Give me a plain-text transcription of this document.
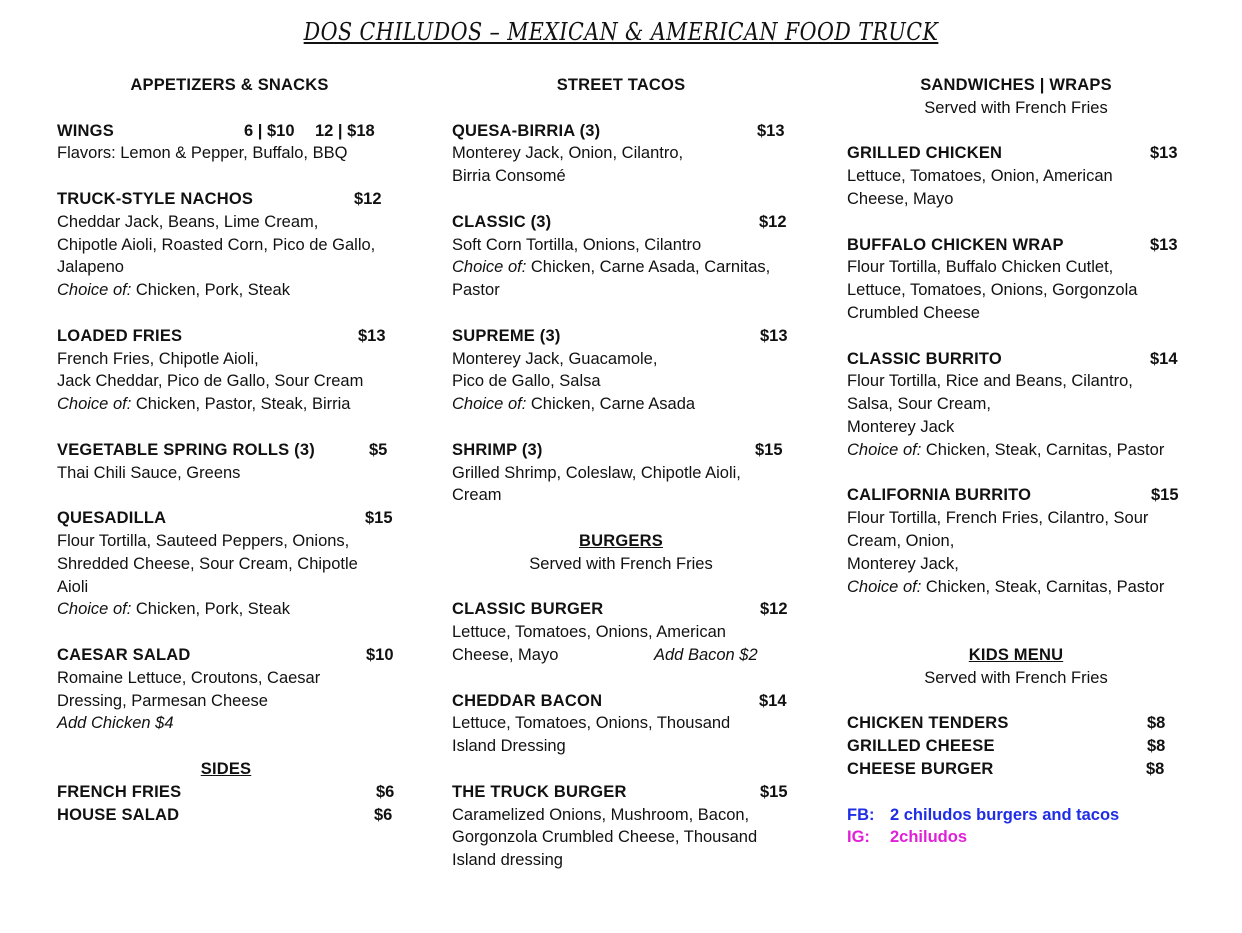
DOS CHILUDOS – MEXICAN & AMERICAN FOOD TRUCK
APPETIZERS & SNACKS
WINGS	6 | $10 12 | $18
Flavors: Lemon & Pepper, Buffalo, BBQ
TRUCK-STYLE NACHOS	$12
Cheddar Jack, Beans, Lime Cream,
Chipotle Aioli, Roasted Corn, Pico de Gallo,
Jalapeno
Choice of: Chicken, Pork, Steak
LOADED FRIES	$13
French Fries, Chipotle Aioli,
Jack Cheddar, Pico de Gallo, Sour Cream
Choice of: Chicken, Pastor, Steak, Birria
VEGETABLE SPRING ROLLS (3)	$5
Thai Chili Sauce, Greens
QUESADILLA	$15
Flour Tortilla, Sauteed Peppers, Onions,
Shredded Cheese, Sour Cream, Chipotle
Aioli
Choice of: Chicken, Pork, Steak
CAESAR SALAD	$10
Romaine Lettuce, Croutons, Caesar
Dressing, Parmesan Cheese
Add Chicken $4
SIDES
FRENCH FRIES	$6
HOUSE SALAD	$6
STREET TACOS
QUESA-BIRRIA (3)	$13
Monterey Jack, Onion, Cilantro,
Birria Consomé
CLASSIC (3)	$12
Soft Corn Tortilla, Onions, Cilantro
Choice of: Chicken, Carne Asada, Carnitas,
Pastor
SUPREME (3)	$13
Monterey Jack, Guacamole,
Pico de Gallo, Salsa
Choice of: Chicken, Carne Asada
SHRIMP (3)	$15
Grilled Shrimp, Coleslaw, Chipotle Aioli,
Cream
BURGERS
Served with French Fries
CLASSIC BURGER	$12
Lettuce, Tomatoes, Onions, American
Cheese, Mayo	Add Bacon $2
CHEDDAR BACON	$14
Lettuce, Tomatoes, Onions, Thousand
Island Dressing
THE TRUCK BURGER	$15
Caramelized Onions, Mushroom, Bacon,
Gorgonzola Crumbled Cheese, Thousand
Island dressing
SANDWICHES | WRAPS
Served with French Fries
GRILLED CHICKEN	$13
Lettuce, Tomatoes, Onion, American
Cheese, Mayo
BUFFALO CHICKEN WRAP	$13
Flour Tortilla, Buffalo Chicken Cutlet,
Lettuce, Tomatoes, Onions, Gorgonzola
Crumbled Cheese
CLASSIC BURRITO	$14
Flour Tortilla, Rice and Beans, Cilantro,
Salsa, Sour Cream,
Monterey Jack
Choice of: Chicken, Steak, Carnitas, Pastor
CALIFORNIA BURRITO	$15
Flour Tortilla, French Fries, Cilantro, Sour
Cream, Onion,
Monterey Jack,
Choice of: Chicken, Steak, Carnitas, Pastor
KIDS MENU
Served with French Fries
CHICKEN TENDERS	$8
GRILLED CHEESE	$8
CHEESE BURGER	$8
FB: 2 chiludos burgers and tacos
IG: 2chiludos
